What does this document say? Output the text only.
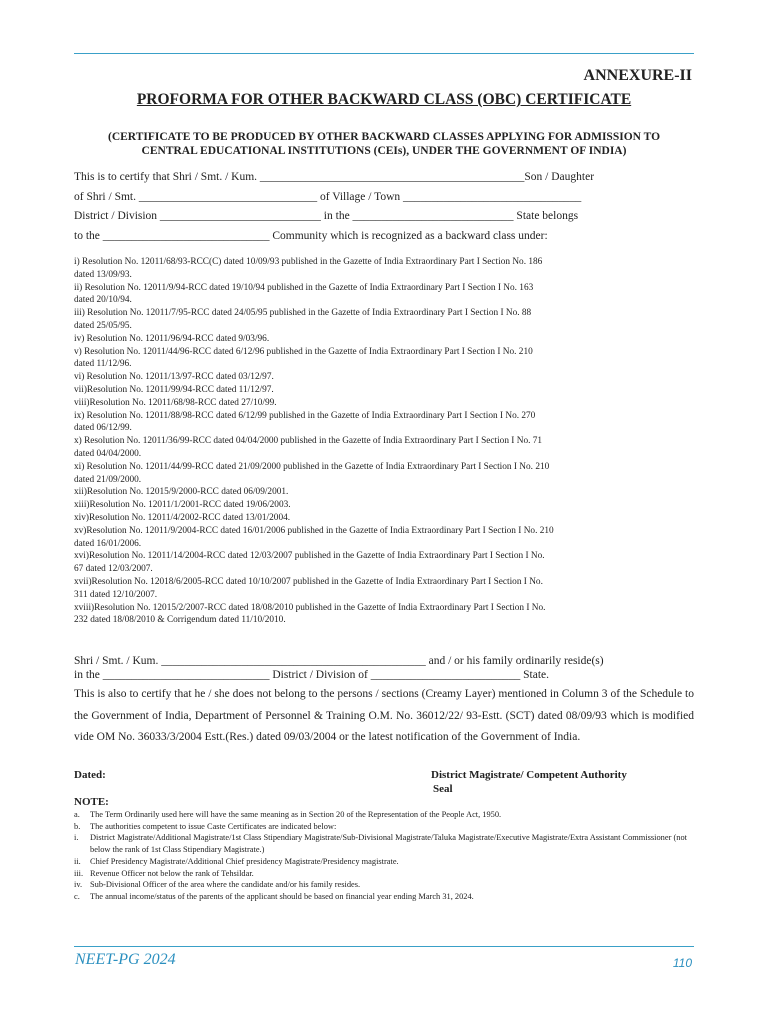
ANNEXURE-II
PROFORMA FOR OTHER BACKWARD CLASS (OBC) CERTIFICATE
(CERTIFICATE TO BE PRODUCED BY OTHER BACKWARD CLASSES APPLYING FOR ADMISSION TO
CENTRAL EDUCATIONAL INSTITUTIONS (CEIs), UNDER THE GOVERNMENT OF INDIA)
This is to certify that Shri / Smt. / Kum. ______________________________________________Son / Daughter
of Shri / Smt. _______________________________ of Village / Town _______________________________
District / Division ____________________________ in the ____________________________ State belongs
to the _____________________________ Community which is recognized as a backward class under:
i) Resolution No. 12011/68/93-RCC(C) dated 10/09/93 published in the Gazette of India Extraordinary Part I Section No. 186
dated 13/09/93.
ii) Resolution No. 12011/9/94-RCC dated 19/10/94 published in the Gazette of India Extraordinary Part I Section I No. 163
dated 20/10/94.
iii) Resolution No. 12011/7/95-RCC dated 24/05/95 published in the Gazette of India Extraordinary Part I Section I No. 88
dated 25/05/95.
iv) Resolution No. 12011/96/94-RCC dated 9/03/96.
v) Resolution No. 12011/44/96-RCC dated 6/12/96 published in the Gazette of India Extraordinary Part I Section I No. 210
dated 11/12/96.
vi) Resolution No. 12011/13/97-RCC dated 03/12/97.
vii)Resolution No. 12011/99/94-RCC dated 11/12/97.
viii)Resolution No. 12011/68/98-RCC dated 27/10/99.
ix) Resolution No. 12011/88/98-RCC dated 6/12/99 published in the Gazette of India Extraordinary Part I Section I No. 270
dated 06/12/99.
x) Resolution No. 12011/36/99-RCC dated 04/04/2000 published in the Gazette of India Extraordinary Part I Section I No. 71
dated 04/04/2000.
xi) Resolution No. 12011/44/99-RCC dated 21/09/2000 published in the Gazette of India Extraordinary Part I Section I No. 210
dated 21/09/2000.
xii)Resolution No. 12015/9/2000-RCC dated 06/09/2001.
xiii)Resolution No. 12011/1/2001-RCC dated 19/06/2003.
xiv)Resolution No. 12011/4/2002-RCC dated 13/01/2004.
xv)Resolution No. 12011/9/2004-RCC dated 16/01/2006 published in the Gazette of India Extraordinary Part I Section I No. 210
dated 16/01/2006.
xvi)Resolution No. 12011/14/2004-RCC dated 12/03/2007 published in the Gazette of India Extraordinary Part I Section I No.
67 dated 12/03/2007.
xvii)Resolution No. 12018/6/2005-RCC dated 10/10/2007 published in the Gazette of India Extraordinary Part I Section I No.
311 dated 12/10/2007.
xviii)Resolution No. 12015/2/2007-RCC dated 18/08/2010 published in the Gazette of India Extraordinary Part I Section I No.
232 dated 18/08/2010 & Corrigendum dated 11/10/2010.
Shri / Smt. / Kum. ______________________________________________ and / or his family ordinarily reside(s)
in the _____________________________ District / Division of __________________________ State.
This is also to certify that he / she does not belong to the persons / sections (Creamy Layer) mentioned in Column 3 of the Schedule to the Government of India, Department of Personnel & Training O.M. No. 36012/22/ 93-Estt. (SCT) dated 08/09/93 which is modified vide OM No. 36033/3/2004 Estt.(Res.) dated 09/03/2004 or the latest notification of the Government of India.
Dated:	District Magistrate/ Competent Authority
Seal
NOTE:
a.	The Term Ordinarily used here will have the same meaning as in Section 20 of the Representation of the People Act, 1950.
b.	The authorities competent to issue Caste Certificates are indicated below:
i.	District Magistrate/Additional Magistrate/1st Class Stipendiary Magistrate/Sub-Divisional Magistrate/Taluka Magistrate/Executive Magistrate/Extra Assistant Commissioner (not below the rank of 1st Class Stipendiary Magistrate.)
ii.	Chief Presidency Magistrate/Additional Chief presidency Magistrate/Presidency magistrate.
iii. Revenue Officer not below the rank of Tehsildar.
iv. Sub-Divisional Officer of the area where the candidate and/or his family resides.
c.	The annual income/status of the parents of the applicant should be based on financial year ending March 31, 2024.
NEET-PG 2024	110
